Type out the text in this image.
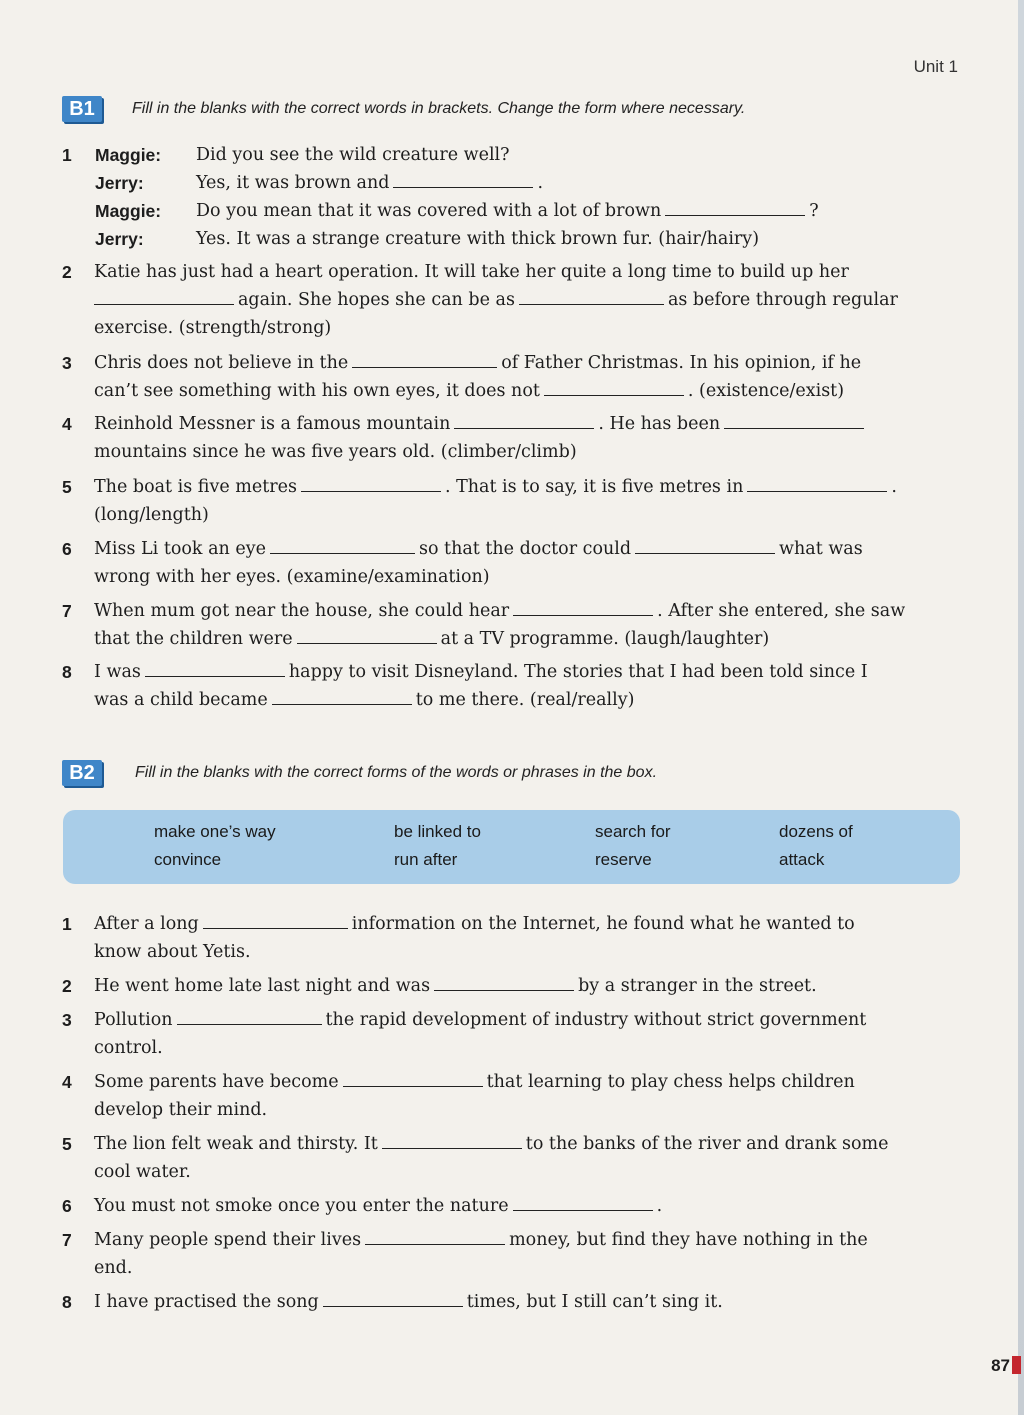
Unit 1
B1	Fill in the blanks with the correct words in brackets. Change the form where necessary.
1 Maggie: Did you see the wild creature well?
Jerry:	Yes, it was brown and	.
Maggie: Do you mean that it was covered with a lot of brown	?
Jerry:	Yes. It was a strange creature with thick brown fur. (hair/hairy)
2 Katie has just had a heart operation. It will take her quite a long time to build up her
again. She hopes she can be as	as before through regular
exercise. (strength/strong)
3 Chris does not believe in the	of Father Christmas. In his opinion, if he
can’t see something with his own eyes, it does not	. (existence/exist)
4 Reinhold Messner is a famous mountain	. He has been
mountains since he was five years old. (climber/climb)
5 The boat is five metres	. That is to say, it is five metres in	.
(long/length)
6 Miss Li took an eye	so that the doctor could	what was
wrong with her eyes. (examine/examination)
7 When mum got near the house, she could hear	. After she entered, she saw
that the children were	at a TV programme. (laugh/laughter)
8 I was	happy to visit Disneyland. The stories that I had been told since I
was a child became	to me there. (real/really)
B2	Fill in the blanks with the correct forms of the words or phrases in the box.
make one’s way	be linked to	search for	dozens of
convince	run after	reserve	attack
1 After a long	information on the Internet, he found what he wanted to
know about Yetis.
2 He went home late last night and was	by a stranger in the street.
3 Pollution	the rapid development of industry without strict government
control.
4 Some parents have become	that learning to play chess helps children
develop their mind.
5 The lion felt weak and thirsty. It	to the banks of the river and drank some
cool water.
6 You must not smoke once you enter the nature	.
7 Many people spend their lives	money, but find they have nothing in the
end.
8 I have practised the song	times, but I still can’t sing it.
87
